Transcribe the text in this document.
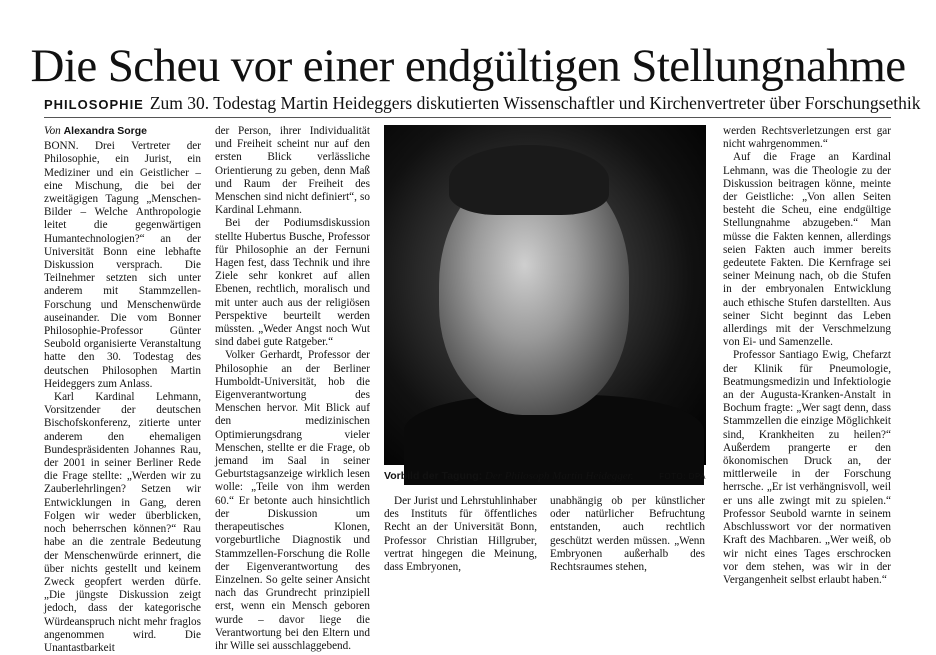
Die Scheu vor einer endgültigen Stellungnahme
PHILOSOPHIE Zum 30. Todestag Martin Heideggers diskutierten Wissenschaftler und Kirchenvertreter über Forschungsethik
Von Alexandra Sorge

BONN. Drei Vertreter der Philosophie, ein Jurist, ein Mediziner und ein Geistlicher – eine Mischung, die bei der zweitägigen Tagung „Menschen-Bilder – Welche Anthropologie leitet die gegenwärtigen Humantechnologien?“ an der Universität Bonn eine lebhafte Diskussion versprach. Die Teilnehmer setzten sich unter anderem mit Stammzellen-Forschung und Menschenwürde auseinander. Die vom Bonner Philosophie-Professor Günter Seubold organisierte Veranstaltung hatte den 30. Todestag des deutschen Philosophen Martin Heideggers zum Anlass.

Karl Kardinal Lehmann, Vorsitzender der deutschen Bischofskonferenz, zitierte unter anderem den ehemaligen Bundespräsidenten Johannes Rau, der 2001 in seiner Berliner Rede die Frage stellte: „Werden wir zu Zauberlehrlingen? Setzen wir Entwicklungen in Gang, deren Folgen wir weder überblicken, noch beherrschen können?“ Rau habe an die zentrale Bedeutung der Menschenwürde erinnert, die über nichts gestellt und keinem Zweck geopfert werden dürfe. „Die jüngste Diskussion zeigt jedoch, dass der kategorische Würdeanspruch nicht mehr fraglos angenommen wird. Die Unantastbarkeit

der Person, ihrer Individualität und Freiheit scheint nur auf den ersten Blick verlässliche Orientierung zu geben, denn Maß und Raum der Freiheit des Menschen sind nicht definiert“, so Kardinal Lehmann.

Bei der Podiumsdiskussion stellte Hubertus Busche, Professor für Philosophie an der Fernuni Hagen fest, dass Technik und ihre Ziele sehr konkret auf allen Ebenen, rechtlich, moralisch und mit unter auch aus der religiösen Perspektive beurteilt werden müssten. „Weder Angst noch Wut sind dabei gute Ratgeber.“

Volker Gerhardt, Professor der Philosophie an der Berliner Humboldt-Universität, hob die Eigenverantwortung des Menschen hervor. Mit Blick auf den medizinischen Optimierungsdrang vieler Menschen, stellte er die Frage, ob jemand im Saal in seiner Geburtstagsanzeige wirklich lesen wolle: „Teile von ihm werden 60.“ Er betonte auch hinsichtlich der Diskussion um therapeutisches Klonen, vorgeburtliche Diagnostik und Stammzellen-Forschung die Rolle der Eigenverantwortung des Einzelnen. So gelte seiner Ansicht nach das Grundrecht prinzipiell erst, wenn ein Mensch geboren wurde – davor liege die Verantwortung bei den Eltern und ihr Wille sei ausschlaggebend.

Vorbild der Tagung: Der Philosoph Martin Heidegger.	FOTO: DPA

Der Jurist und Lehrstuhlinhaber des Instituts für öffentliches Recht an der Universität Bonn, Professor Christian Hillgruber, vertrat hingegen die Meinung, dass Embryonen,

unabhängig ob per künstlicher oder natürlicher Befruchtung entstanden, auch rechtlich geschützt werden müssen. „Wenn Embryonen außerhalb des Rechtsraumes stehen,

werden Rechtsverletzungen erst gar nicht wahrgenommen.“

Auf die Frage an Kardinal Lehmann, was die Theologie zu der Diskussion beitragen könne, meinte der Geistliche: „Von allen Seiten besteht die Scheu, eine endgültige Stellungnahme abzugeben.“ Man müsse die Fakten kennen, allerdings seien Fakten auch immer bereits gedeutete Fakten. Die Kernfrage sei seiner Meinung nach, ob die Stufen in der embryonalen Entwicklung auch ethische Stufen darstellten. Aus seiner Sicht beginnt das Leben allerdings mit der Verschmelzung von Ei- und Samenzelle.

Professor Santiago Ewig, Chefarzt der Klinik für Pneumologie, Beatmungsmedizin und Infektiologie an der Augusta-Kranken-Anstalt in Bochum fragte: „Wer sagt denn, dass Stammzellen die einzige Möglichkeit sind, Krankheiten zu heilen?“ Außerdem prangerte er den ökonomischen Druck an, der mittlerweile in der Forschung herrsche. „Er ist verhängnisvoll, weil er uns alle zwingt mit zu spielen.“ Professor Seubold warnte in seinem Abschlusswort vor der normativen Kraft des Machbaren. „Wer weiß, ob wir nicht eines Tages erschrocken vor dem stehen, was wir in der Vergangenheit selbst erlaubt haben.“
